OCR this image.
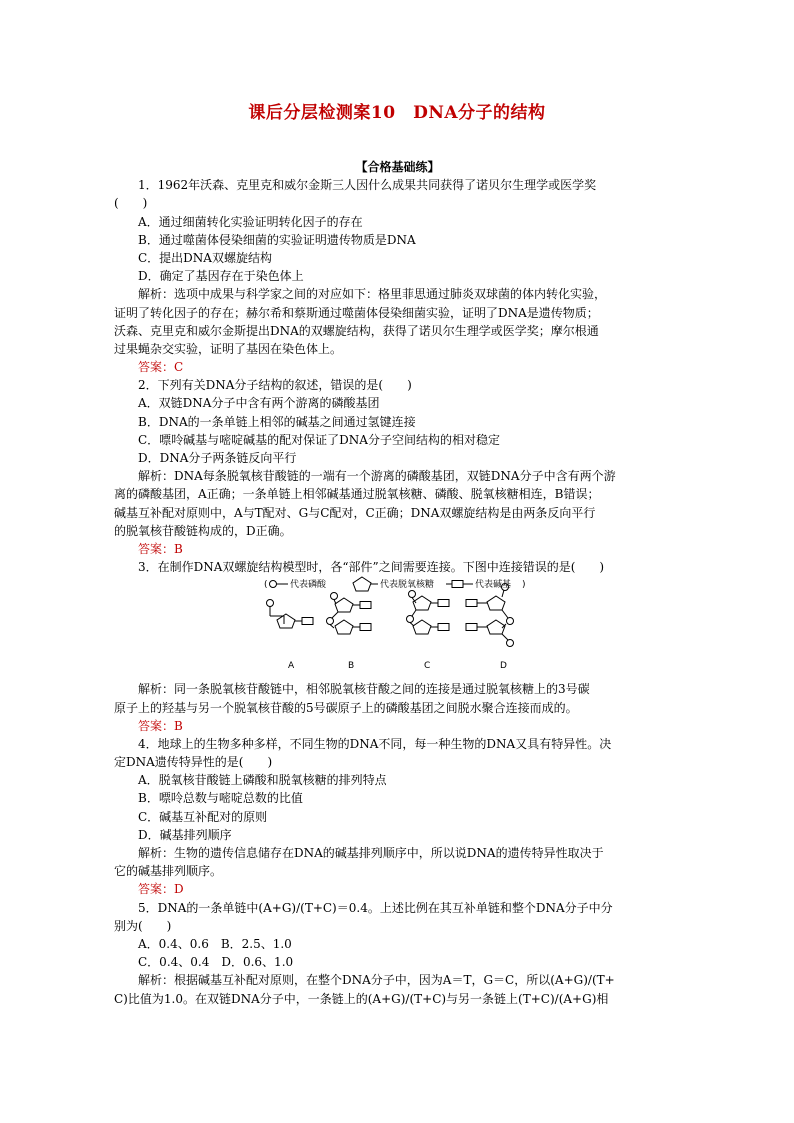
课后分层检测案10　DNA分子的结构
【合格基础练】
1．1962年沃森、克里克和威尔金斯三人因什么成果共同获得了诺贝尔生理学或医学奖
(　　)
A．通过细菌转化实验证明转化因子的存在
B．通过噬菌体侵染细菌的实验证明遗传物质是DNA
C．提出DNA双螺旋结构
D．确定了基因存在于染色体上
解析：选项中成果与科学家之间的对应如下：格里菲思通过肺炎双球菌的体内转化实验，
证明了转化因子的存在；赫尔希和蔡斯通过噬菌体侵染细菌实验，证明了DNA是遗传物质；
沃森、克里克和威尔金斯提出DNA的双螺旋结构，获得了诺贝尔生理学或医学奖；摩尔根通
过果蝇杂交实验，证明了基因在染色体上。
答案：C
2．下列有关DNA分子结构的叙述，错误的是(　　)
A．双链DNA分子中含有两个游离的磷酸基团
B．DNA的一条单链上相邻的碱基之间通过氢键连接
C．嘌呤碱基与嘧啶碱基的配对保证了DNA分子空间结构的相对稳定
D．DNA分子两条链反向平行
解析：DNA每条脱氧核苷酸链的一端有一个游离的磷酸基团，双链DNA分子中含有两个游
离的磷酸基团，A正确；一条单链上相邻碱基通过脱氧核糖、磷酸、脱氧核糖相连，B错误；
碱基互补配对原则中，A与T配对、G与C配对，C正确；DNA双螺旋结构是由两条反向平行
的脱氧核苷酸链构成的，D正确。
答案：B
3．在制作DNA双螺旋结构模型时，各“部件”之间需要连接。下图中连接错误的是(　　)
( 代表磷酸	代表脱氧核糖	代表碱基 )
A	B	C	D
解析：同一条脱氧核苷酸链中，相邻脱氧核苷酸之间的连接是通过脱氧核糖上的3号碳
原子上的羟基与另一个脱氧核苷酸的5号碳原子上的磷酸基团之间脱水聚合连接而成的。
答案：B
4．地球上的生物多种多样，不同生物的DNA不同，每一种生物的DNA又具有特异性。决
定DNA遗传特异性的是(　　)
A．脱氧核苷酸链上磷酸和脱氧核糖的排列特点
B．嘌呤总数与嘧啶总数的比值
C．碱基互补配对的原则
D．碱基排列顺序
解析：生物的遗传信息储存在DNA的碱基排列顺序中，所以说DNA的遗传特异性取决于
它的碱基排列顺序。
答案：D
5．DNA的一条单链中(A+G)/(T+C)＝0.4。上述比例在其互补单链和整个DNA分子中分
别为(　　)
A．0.4、0.6　B．2.5、1.0
C．0.4、0.4　D．0.6、1.0
解析：根据碱基互补配对原则，在整个DNA分子中，因为A＝T，G＝C，所以(A+G)/(T+
C)比值为1.0。在双链DNA分子中，一条链上的(A+G)/(T+C)与另一条链上(T+C)/(A+G)相
